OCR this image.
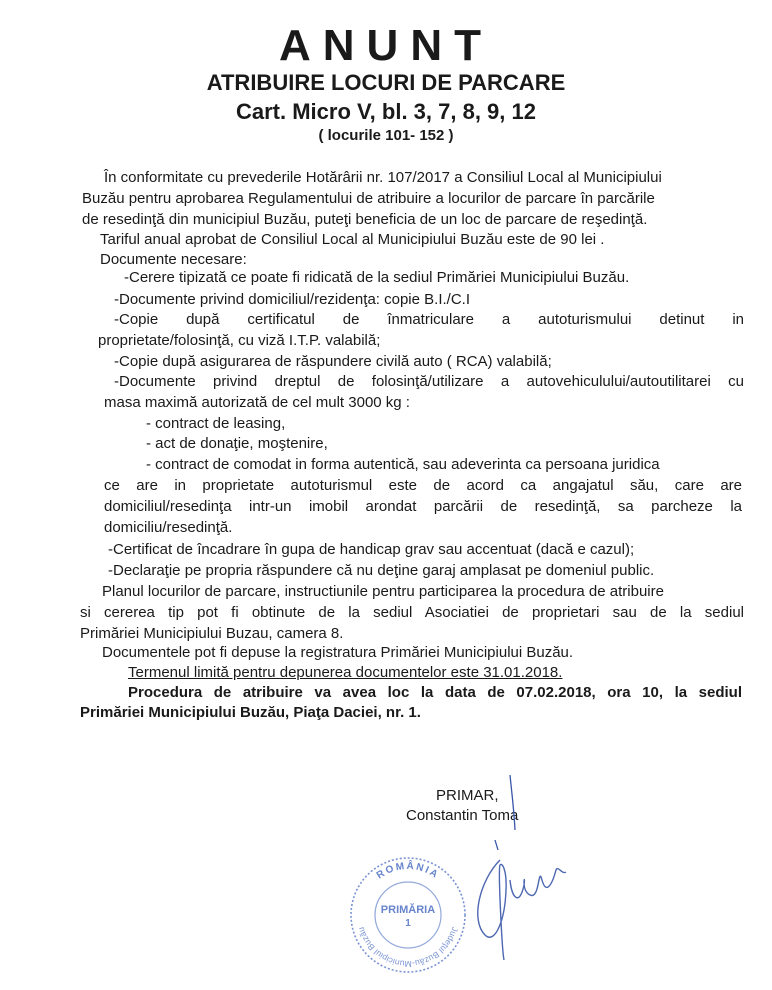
ANUNT
ATRIBUIRE LOCURI DE PARCARE
Cart. Micro V, bl. 3, 7, 8, 9, 12
( locurile 101- 152 )
În conformitate cu prevederile Hotărârii nr. 107/2017 a Consiliul Local al Municipiului
Buzău pentru aprobarea Regulamentului de atribuire a locurilor de parcare în parcările
de resedinţă din municipiul Buzău, puteţi beneficia de un loc de parcare de reşedinţă.
Tariful anual aprobat de Consiliul Local al Municipiului Buzău este de 90 lei .
Documente necesare:
-Cerere tipizată ce poate fi ridicată de la sediul Primăriei Municipiului Buzău.
-Documente privind domiciliul/rezidenţa: copie B.I./C.I
-Copie după certificatul de înmatriculare a autoturismului detinut in
proprietate/folosinţă, cu viză I.T.P. valabilă;
-Copie după asigurarea de răspundere civilă auto ( RCA) valabilă;
-Documente privind dreptul de folosinţă/utilizare a autovehiculului/autoutilitarei cu
masa maximă autorizată de cel mult 3000 kg :
- contract de leasing,
- act de donaţie, moştenire,
- contract de comodat in forma autentică, sau adeverinta ca persoana juridica
ce are in proprietate autoturismul este de acord ca angajatul său, care are
domiciliul/resedinţa intr-un imobil arondat parcării de resedinţă, sa parcheze la
domiciliu/resedinţă.
-Certificat de încadrare în gupa de handicap grav sau accentuat (dacă e cazul);
-Declaraţie pe propria răspundere că nu deţine garaj amplasat pe domeniul public.
Planul locurilor de parcare, instructiunile pentru participarea la procedura de atribuire
si cererea tip pot fi obtinute de la sediul Asociatiei de proprietari sau de la sediul
Primăriei Municipiului Buzau, camera 8.
Documentele pot fi depuse la registratura Primăriei Municipiului Buzău.
Termenul limită pentru depunerea documentelor este 31.01.2018.
Procedura de atribuire va avea loc la data de 07.02.2018, ora 10, la sediul
Primăriei Municipiului Buzău, Piaţa Daciei, nr. 1.
PRIMAR,
Constantin Toma
ROMÂNIA
Judeţul Buzău-Municipiul Buzău
PRIMĂRIA
1
